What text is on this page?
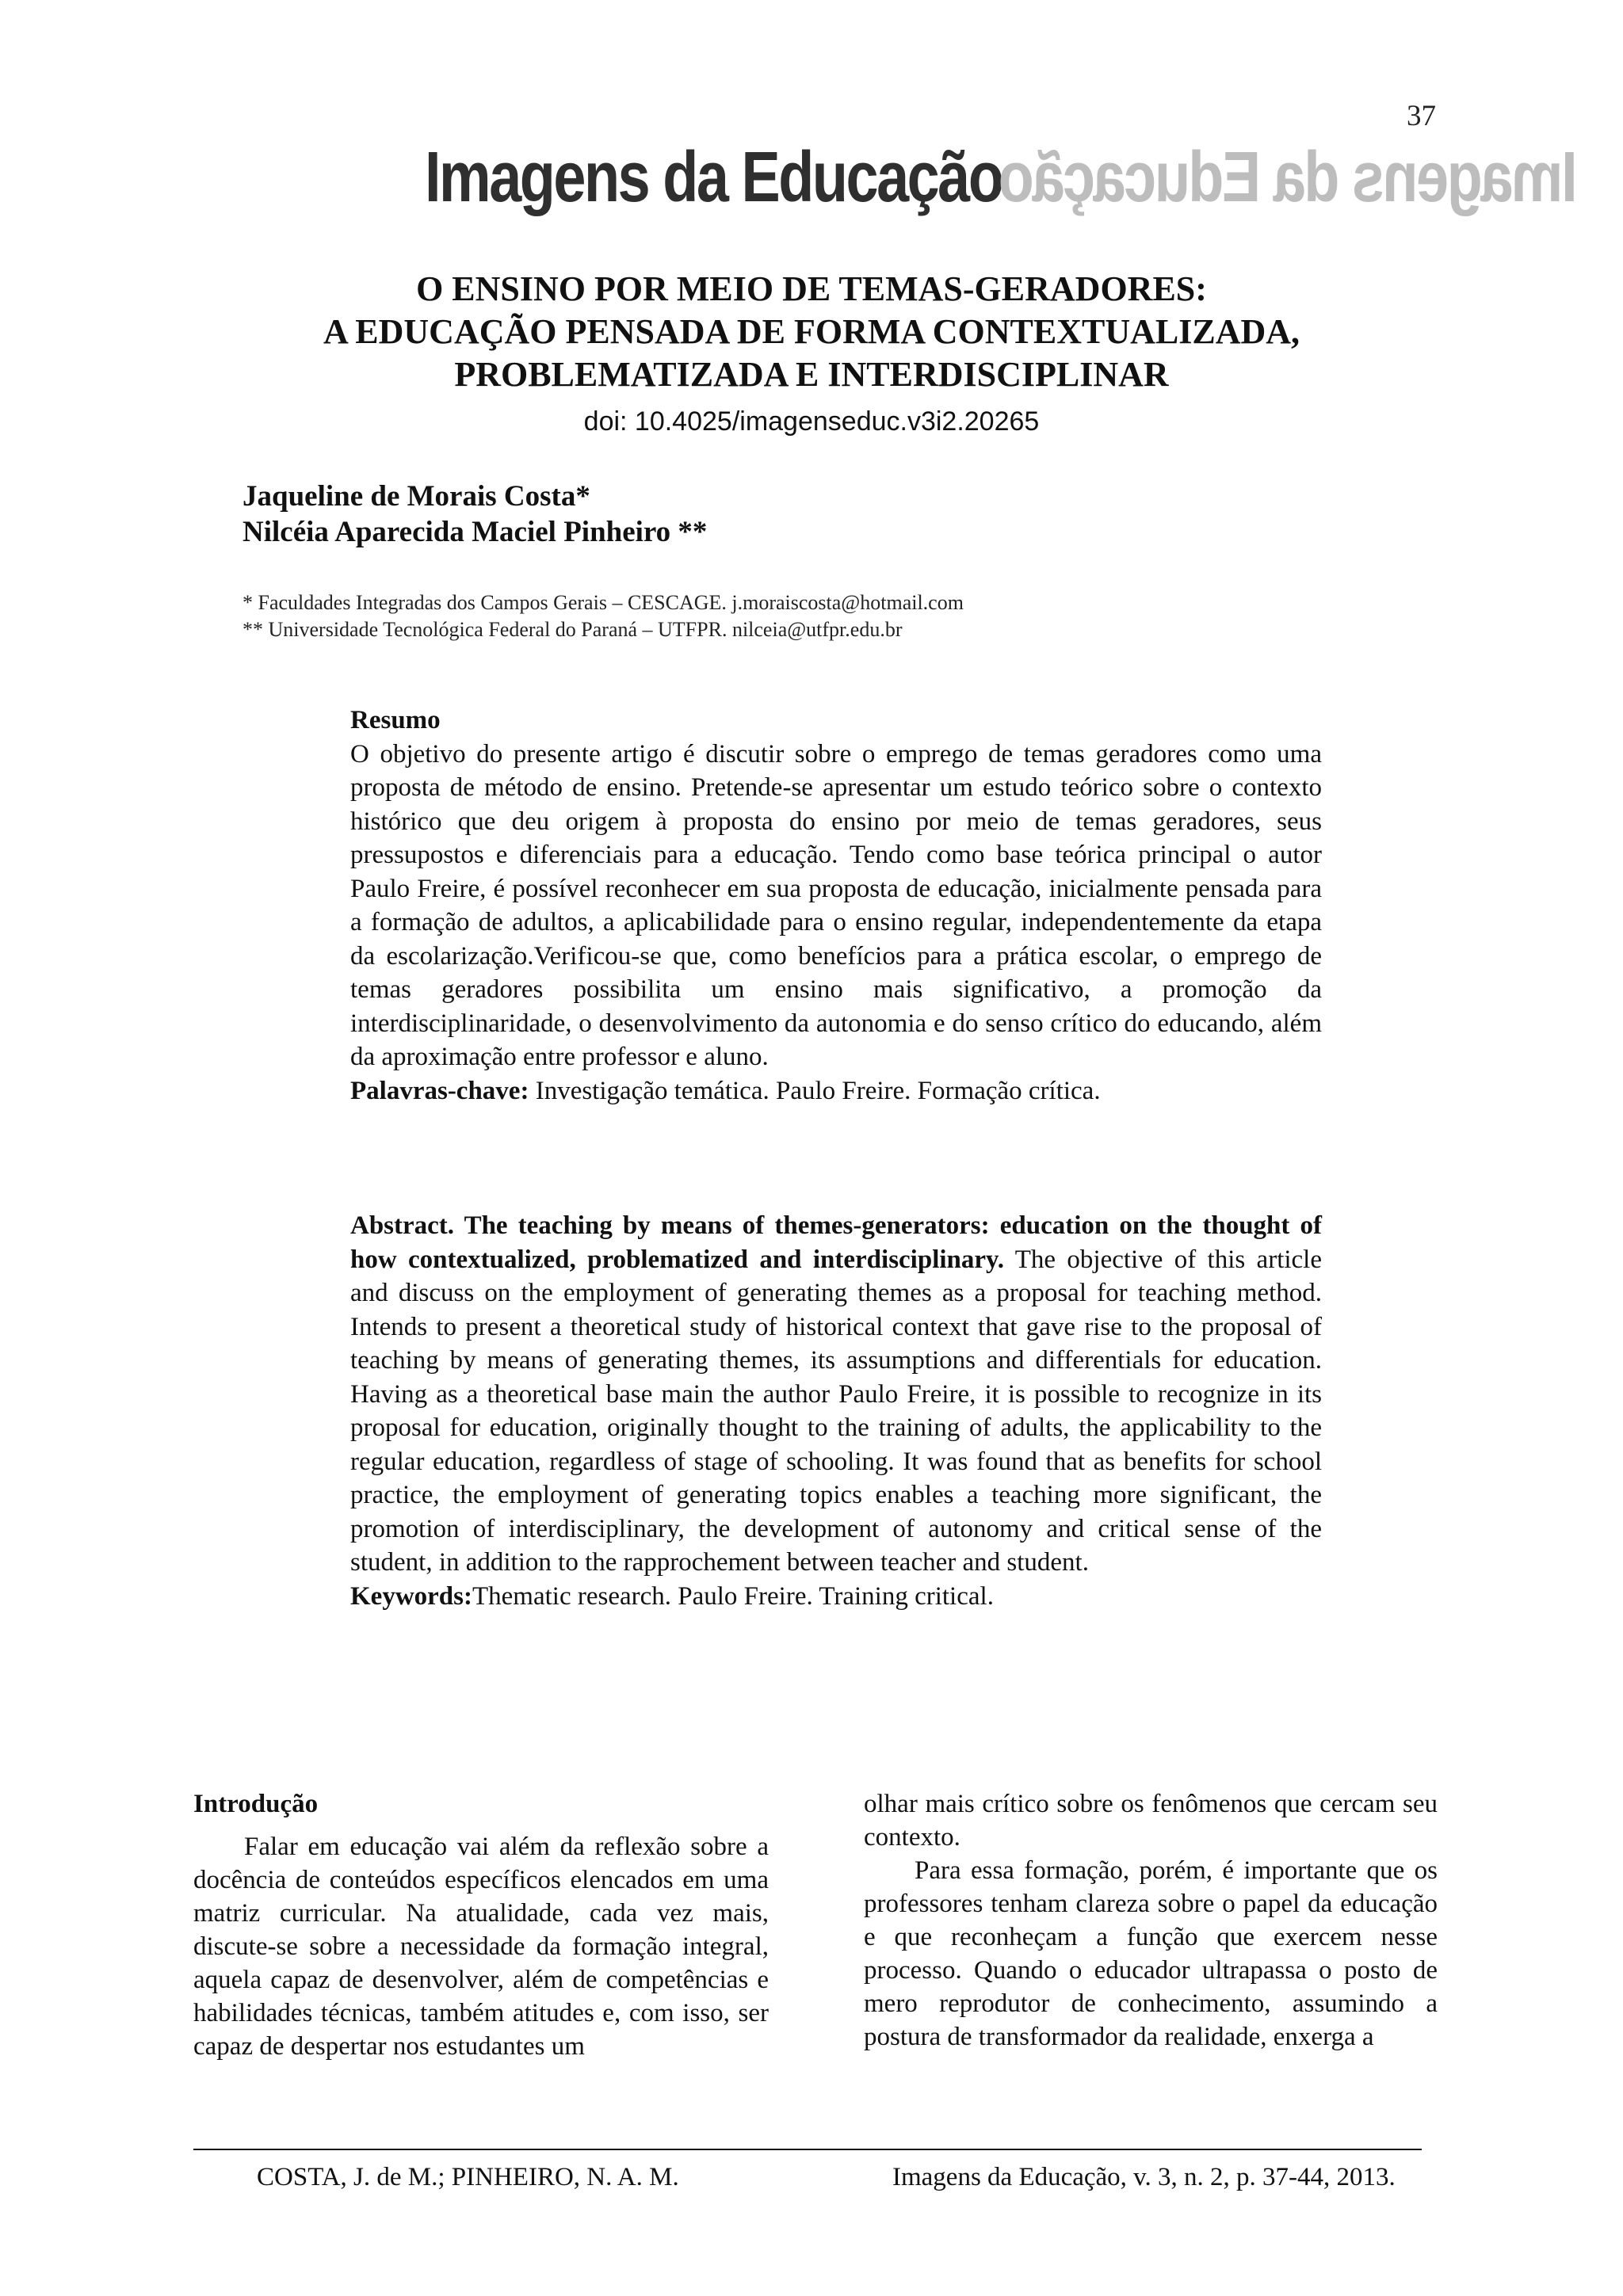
37
Imagens da Educação
Imagens da Educação
O ENSINO POR MEIO DE TEMAS-GERADORES:
A EDUCAÇÃO PENSADA DE FORMA CONTEXTUALIZADA,
PROBLEMATIZADA E INTERDISCIPLINAR
doi: 10.4025/imagenseduc.v3i2.20265
Jaqueline de Morais Costa*
Nilcéia Aparecida Maciel Pinheiro **
* Faculdades Integradas dos Campos Gerais – CESCAGE. j.moraiscosta@hotmail.com
** Universidade Tecnológica Federal do Paraná – UTFPR. nilceia@utfpr.edu.br
Resumo
O objetivo do presente artigo é discutir sobre o emprego de temas geradores como uma proposta de método de ensino. Pretende-se apresentar um estudo teórico sobre o contexto histórico que deu origem à proposta do ensino por meio de temas geradores, seus pressupostos e diferenciais para a educação. Tendo como base teórica principal o autor Paulo Freire, é possível reconhecer em sua proposta de educação, inicialmente pensada para a formação de adultos, a aplicabilidade para o ensino regular, independentemente da etapa da escolarização.Verificou-se que, como benefícios para a prática escolar, o emprego de temas geradores possibilita um ensino mais significativo, a promoção da interdisciplinaridade, o desenvolvimento da autonomia e do senso crítico do educando, além da aproximação entre professor e aluno.
Palavras-chave: Investigação temática. Paulo Freire. Formação crítica.
Abstract. The teaching by means of themes-generators: education on the thought of how contextualized, problematized and interdisciplinary. The objective of this article and discuss on the employment of generating themes as a proposal for teaching method. Intends to present a theoretical study of historical context that gave rise to the proposal of teaching by means of generating themes, its assumptions and differentials for education. Having as a theoretical base main the author Paulo Freire, it is possible to recognize in its proposal for education, originally thought to the training of adults, the applicability to the regular education, regardless of stage of schooling. It was found that as benefits for school practice, the employment of generating topics enables a teaching more significant, the promotion of interdisciplinary, the development of autonomy and critical sense of the student, in addition to the rapprochement between teacher and student.
Keywords:Thematic research. Paulo Freire. Training critical.
Introdução

Falar em educação vai além da reflexão sobre a docência de conteúdos específicos elencados em uma matriz curricular. Na atualidade, cada vez mais, discute-se sobre a necessidade da formação integral, aquela capaz de desenvolver, além de competências e habilidades técnicas, também atitudes e, com isso, ser capaz de despertar nos estudantes um

olhar mais crítico sobre os fenômenos que cercam seu contexto.

Para essa formação, porém, é importante que os professores tenham clareza sobre o papel da educação e que reconheçam a função que exercem nesse processo. Quando o educador ultrapassa o posto de mero reprodutor de conhecimento, assumindo a postura de transformador da realidade, enxerga a

COSTA, J. de M.; PINHEIRO, N. A. M.	Imagens da Educação, v. 3, n. 2, p. 37-44, 2013.
